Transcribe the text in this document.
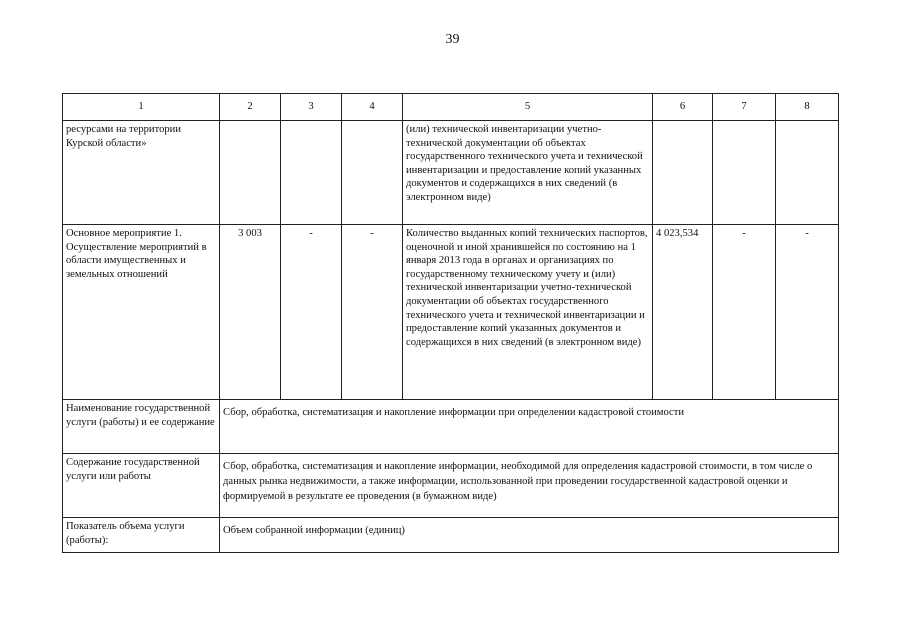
39
1	2	3	4	5	6	7	8
ресурсами на территории Курской области»				(или) технической инвентаризации учетно-технической документации об объектах государственного технического учета и технической инвентаризации и предоставление копий указанных документов и содержащихся в них сведений (в электронном виде)			
Основное мероприятие 1. Осуществление мероприятий в области имущественных и земельных отношений	3 003	-	-	Количество выданных копий технических паспортов, оценочной и иной хранившейся по состоянию на 1 января 2013 года в органах и организациях по государственному техническому учету и (или) технической инвентаризации учетно-технической документации об объектах государственного технического учета и технической инвентаризации и предоставление копий указанных документов и содержащихся в них сведений (в электронном виде)	4 023,534	-	-
Наименование государственной услуги (работы) и ее содержание	Сбор, обработка, систематизация и накопление информации при определении кадастровой стоимости						
Содержание государственной услуги или работы	Сбор, обработка, систематизация и накопление информации, необходимой для определения кадастровой стоимости, в том числе о данных рынка недвижимости, а также информации, использованной при проведении государственной кадастровой оценки и формируемой в результате ее проведения (в бумажном виде)						
Показатель объема услуги (работы):	Объем собранной информации (единиц)						
